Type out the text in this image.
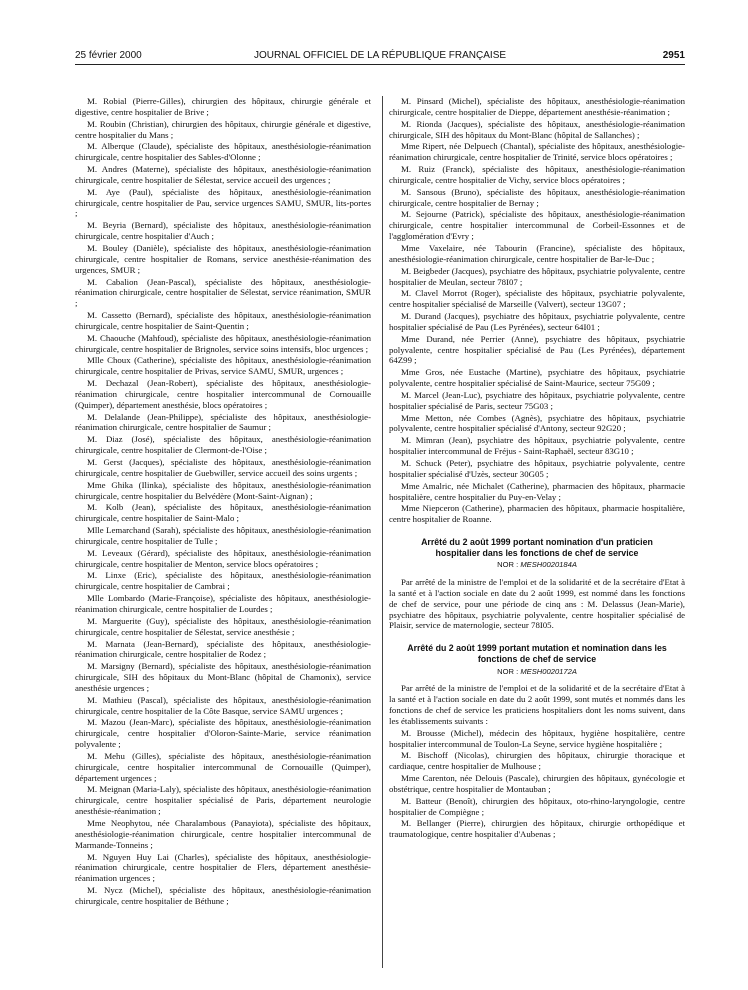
25 février 2000	JOURNAL OFFICIEL DE LA RÉPUBLIQUE FRANÇAISE	2951

M. Robial (Pierre-Gilles), chirurgien des hôpitaux, chirurgie générale et digestive, centre hospitalier de Brive ;

M. Roubin (Christian), chirurgien des hôpitaux, chirurgie générale et digestive, centre hospitalier du Mans ;

M. Alberque (Claude), spécialiste des hôpitaux, anesthésiologie-réanimation chirurgicale, centre hospitalier des Sables-d'Olonne ;

M. Andres (Materne), spécialiste des hôpitaux, anesthésiologie-réanimation chirurgicale, centre hospitalier de Sélestat, service accueil des urgences ;

M. Aye (Paul), spécialiste des hôpitaux, anesthésiologie-réanimation chirurgicale, centre hospitalier de Pau, service urgences SAMU, SMUR, lits-portes ;

M. Beyria (Bernard), spécialiste des hôpitaux, anesthésiologie-réanimation chirurgicale, centre hospitalier d'Auch ;

M. Bouley (Danièle), spécialiste des hôpitaux, anesthésiologie-réanimation chirurgicale, centre hospitalier de Romans, service anesthésie-réanimation des urgences, SMUR ;

M. Cabalion (Jean-Pascal), spécialiste des hôpitaux, anesthésiologie-réanimation chirurgicale, centre hospitalier de Sélestat, service réanimation, SMUR ;

M. Cassetto (Bernard), spécialiste des hôpitaux, anesthésiologie-réanimation chirurgicale, centre hospitalier de Saint-Quentin ;

M. Chaouche (Mahfoud), spécialiste des hôpitaux, anesthésiologie-réanimation chirurgicale, centre hospitalier de Brignoles, service soins intensifs, bloc urgences ;

Mlle Choux (Catherine), spécialiste des hôpitaux, anesthésiologie-réanimation chirurgicale, centre hospitalier de Privas, service SAMU, SMUR, urgences ;

M. Dechazal (Jean-Robert), spécialiste des hôpitaux, anesthésiologie-réanimation chirurgicale, centre hospitalier intercommunal de Cornouaille (Quimper), département anesthésie, blocs opératoires ;

M. Delalande (Jean-Philippe), spécialiste des hôpitaux, anesthésiologie-réanimation chirurgicale, centre hospitalier de Saumur ;

M. Diaz (José), spécialiste des hôpitaux, anesthésiologie-réanimation chirurgicale, centre hospitalier de Clermont-de-l'Oise ;

M. Gerst (Jacques), spécialiste des hôpitaux, anesthésiologie-réanimation chirurgicale, centre hospitalier de Guebwiller, service accueil des soins urgents ;

Mme Ghika (Ilinka), spécialiste des hôpitaux, anesthésiologie-réanimation chirurgicale, centre hospitalier du Belvédère (Mont-Saint-Aignan) ;

M. Kolb (Jean), spécialiste des hôpitaux, anesthésiologie-réanimation chirurgicale, centre hospitalier de Saint-Malo ;

Mlle Lemarchand (Sarah), spécialiste des hôpitaux, anesthésiologie-réanimation chirurgicale, centre hospitalier de Tulle ;

M. Leveaux (Gérard), spécialiste des hôpitaux, anesthésiologie-réanimation chirurgicale, centre hospitalier de Menton, service blocs opératoires ;

M. Linxe (Eric), spécialiste des hôpitaux, anesthésiologie-réanimation chirurgicale, centre hospitalier de Cambrai ;

Mlle Lombardo (Marie-Françoise), spécialiste des hôpitaux, anesthésiologie-réanimation chirurgicale, centre hospitalier de Lourdes ;

M. Marguerite (Guy), spécialiste des hôpitaux, anesthésiologie-réanimation chirurgicale, centre hospitalier de Sélestat, service anesthésie ;

M. Marnata (Jean-Bernard), spécialiste des hôpitaux, anesthésiologie-réanimation chirurgicale, centre hospitalier de Rodez ;

M. Marsigny (Bernard), spécialiste des hôpitaux, anesthésiologie-réanimation chirurgicale, SIH des hôpitaux du Mont-Blanc (hôpital de Chamonix), service anesthésie urgences ;

M. Mathieu (Pascal), spécialiste des hôpitaux, anesthésiologie-réanimation chirurgicale, centre hospitalier de la Côte Basque, service SAMU urgences ;

M. Mazou (Jean-Marc), spécialiste des hôpitaux, anesthésiologie-réanimation chirurgicale, centre hospitalier d'Oloron-Sainte-Marie, service réanimation polyvalente ;

M. Mehu (Gilles), spécialiste des hôpitaux, anesthésiologie-réanimation chirurgicale, centre hospitalier intercommunal de Cornouaille (Quimper), département urgences ;

M. Meignan (Maria-Laly), spécialiste des hôpitaux, anesthésiologie-réanimation chirurgicale, centre hospitalier spécialisé de Paris, département neurologie anesthésie-réanimation ;

Mme Neophytou, née Charalambous (Panayiota), spécialiste des hôpitaux, anesthésiologie-réanimation chirurgicale, centre hospitalier intercommunal de Marmande-Tonneins ;

M. Nguyen Huy Lai (Charles), spécialiste des hôpitaux, anesthésiologie-réanimation chirurgicale, centre hospitalier de Flers, département anesthésie-réanimation urgences ;

M. Nycz (Michel), spécialiste des hôpitaux, anesthésiologie-réanimation chirurgicale, centre hospitalier de Béthune ;

M. Pinsard (Michel), spécialiste des hôpitaux, anesthésiologie-réanimation chirurgicale, centre hospitalier de Dieppe, département anesthésie-réanimation ;

M. Rionda (Jacques), spécialiste des hôpitaux, anesthésiologie-réanimation chirurgicale, SIH des hôpitaux du Mont-Blanc (hôpital de Sallanches) ;

Mme Ripert, née Delpuech (Chantal), spécialiste des hôpitaux, anesthésiologie-réanimation chirurgicale, centre hospitalier de Trinité, service blocs opératoires ;

M. Ruiz (Franck), spécialiste des hôpitaux, anesthésiologie-réanimation chirurgicale, centre hospitalier de Vichy, service blocs opératoires ;

M. Sansous (Bruno), spécialiste des hôpitaux, anesthésiologie-réanimation chirurgicale, centre hospitalier de Bernay ;

M. Sejourne (Patrick), spécialiste des hôpitaux, anesthésiologie-réanimation chirurgicale, centre hospitalier intercommunal de Corbeil-Essonnes et de l'agglomération d'Evry ;

Mme Vaxelaire, née Tabourin (Francine), spécialiste des hôpitaux, anesthésiologie-réanimation chirurgicale, centre hospitalier de Bar-le-Duc ;

M. Beigbeder (Jacques), psychiatre des hôpitaux, psychiatrie polyvalente, centre hospitalier de Meulan, secteur 78I07 ;

M. Clavel Morrot (Roger), spécialiste des hôpitaux, psychiatrie polyvalente, centre hospitalier spécialisé de Marseille (Valvert), secteur 13G07 ;

M. Durand (Jacques), psychiatre des hôpitaux, psychiatrie polyvalente, centre hospitalier spécialisé de Pau (Les Pyrénées), secteur 64I01 ;

Mme Durand, née Perrier (Anne), psychiatre des hôpitaux, psychiatrie polyvalente, centre hospitalier spécialisé de Pau (Les Pyrénées), département 64Z99 ;

Mme Gros, née Eustache (Martine), psychiatre des hôpitaux, psychiatrie polyvalente, centre hospitalier spécialisé de Saint-Maurice, secteur 75G09 ;

M. Marcel (Jean-Luc), psychiatre des hôpitaux, psychiatrie polyvalente, centre hospitalier spécialisé de Paris, secteur 75G03 ;

Mme Metton, née Combes (Agnès), psychiatre des hôpitaux, psychiatrie polyvalente, centre hospitalier spécialisé d'Antony, secteur 92G20 ;

M. Mimran (Jean), psychiatre des hôpitaux, psychiatrie polyvalente, centre hospitalier intercommunal de Fréjus - Saint-Raphaël, secteur 83G10 ;

M. Schuck (Peter), psychiatre des hôpitaux, psychiatrie polyvalente, centre hospitalier spécialisé d'Uzès, secteur 30G05 ;

Mme Amalric, née Michalet (Catherine), pharmacien des hôpitaux, pharmacie hospitalière, centre hospitalier du Puy-en-Velay ;

Mme Niepceron (Catherine), pharmacien des hôpitaux, pharmacie hospitalière, centre hospitalier de Roanne.

Arrêté du 2 août 1999 portant nomination d'un praticien hospitalier dans les fonctions de chef de service
NOR : MESH0020184A

Par arrêté de la ministre de l'emploi et de la solidarité et de la secrétaire d'Etat à la santé et à l'action sociale en date du 2 août 1999, est nommé dans les fonctions de chef de service, pour une période de cinq ans : M. Delassus (Jean-Marie), psychiatre des hôpitaux, psychiatrie polyvalente, centre hospitalier spécialisé de Plaisir, service de maternologie, secteur 78I05.

Arrêté du 2 août 1999 portant mutation et nomination dans les fonctions de chef de service
NOR : MESH0020172A

Par arrêté de la ministre de l'emploi et de la solidarité et de la secrétaire d'Etat à la santé et à l'action sociale en date du 2 août 1999, sont mutés et nommés dans les fonctions de chef de service les praticiens hospitaliers dont les noms suivent, dans les établissements suivants :

M. Brousse (Michel), médecin des hôpitaux, hygiène hospitalière, centre hospitalier intercommunal de Toulon-La Seyne, service hygiène hospitalière ;

M. Bischoff (Nicolas), chirurgien des hôpitaux, chirurgie thoracique et cardiaque, centre hospitalier de Mulhouse ;

Mme Carenton, née Delouis (Pascale), chirurgien des hôpitaux, gynécologie et obstétrique, centre hospitalier de Montauban ;

M. Batteur (Benoît), chirurgien des hôpitaux, oto-rhino-laryngologie, centre hospitalier de Compiègne ;

M. Bellanger (Pierre), chirurgien des hôpitaux, chirurgie orthopédique et traumatologique, centre hospitalier d'Aubenas ;
